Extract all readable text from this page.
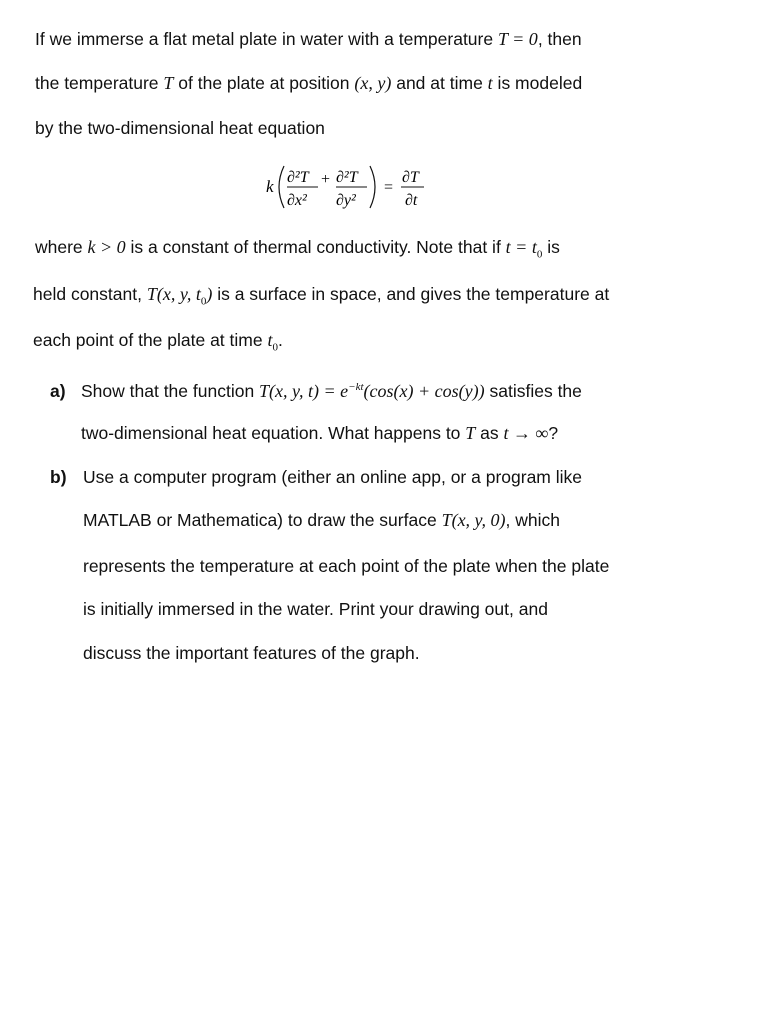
If we immerse a flat metal plate in water with a temperature T = 0, then
the temperature T of the plate at position (x, y) and at time t is modeled
by the two-dimensional heat equation
k ∂²T
∂x²
+ ∂²T
∂y²
=
∂T
∂t
where k > 0 is a constant of thermal conductivity. Note that if $t = t_0$ is
held constant, T(x, y, $t_0$) is a surface in space, and gives the temperature at
each point of the plate at time $t_0$.
a) Show that the function T(x, y, $t) = e^{-kt}(\cos(x) + \cos(y))$ satisfies the
two-dimensional heat equation. What happens to T as t → ∞?
b) Use a computer program (either an online app, or a program like
MATLAB or Mathematica) to draw the surface T(x, y, 0), which
represents the temperature at each point of the plate when the plate
is initially immersed in the water. Print your drawing out, and
discuss the important features of the graph.
